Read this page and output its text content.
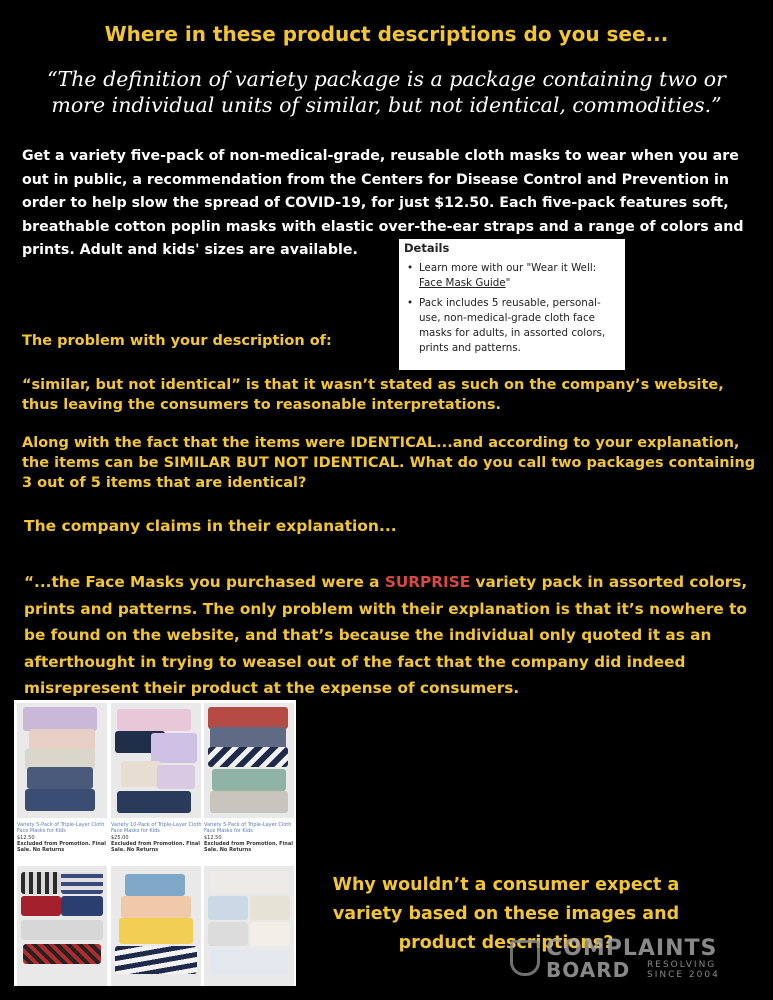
Where in these product descriptions do you see...
“The definition of variety package is a package containing two or more individual units of similar, but not identical, commodities.”
Get a variety five-pack of non-medical-grade, reusable cloth masks to wear when you are out in public, a recommendation from the Centers for Disease Control and Prevention in order to help slow the spread of COVID-19, for just $12.50. Each five-pack features soft, breathable cotton poplin masks with elastic over-the-ear straps and a range of colors and prints. Adult and kids' sizes are available.	Details
• Learn more with our "Wear it Well: Face Mask Guide"
• Pack includes 5 reusable, personal-use, non-medical-grade cloth face masks for adults, in assorted colors, prints and patterns.
The problem with your description of:
“similar, but not identical” is that it wasn’t stated as such on the company’s website, thus leaving the consumers to reasonable interpretations.
Along with the fact that the items were IDENTICAL...and according to your explanation, the items can be SIMILAR BUT NOT IDENTICAL. What do you call two packages containing 3 out of 5 items that are identical?
The company claims in their explanation...
“...the Face Masks you purchased were a SURPRISE variety pack in assorted colors, prints and patterns. The only problem with their explanation is that it’s nowhere to be found on the website, and that’s because the individual only quoted it as an afterthought in trying to weasel out of the fact that the company did indeed misrepresent their product at the expense of consumers.
Variety 5-Pack of Triple-Layer Cloth Face Masks for Kids
$12.50
Excluded from Promotion. Final Sale. No Returns
Variety 10-Pack of Triple-Layer Cloth Face Masks for Kids
$25.00
Excluded from Promotion. Final Sale. No Returns
Variety 5-Pack of Triple-Layer Cloth Face Masks for Kids
$12.50
Excluded from Promotion. Final Sale. No Returns
Why wouldn’t a consumer expect a variety based on these images and product descriptions?
COMPLAINTS
BOARD RESOLVING
SINCE 2004
